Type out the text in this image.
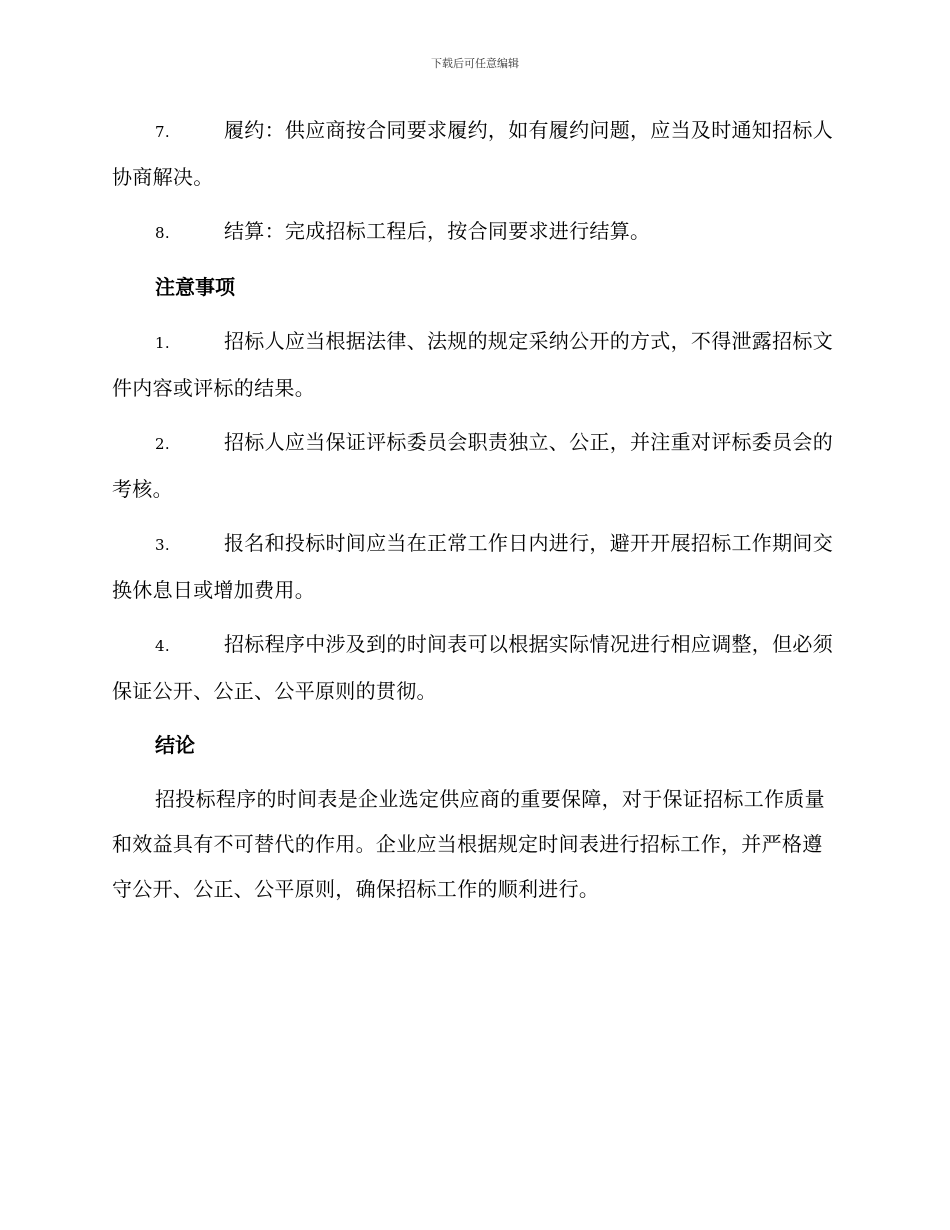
下载后可任意编辑

7.	履约：供应商按合同要求履约，如有履约问题，应当及时通知招标人协商解决。

8.	结算：完成招标工程后，按合同要求进行结算。

注意事项

1.	招标人应当根据法律、法规的规定采纳公开的方式，不得泄露招标文件内容或评标的结果。

2.	招标人应当保证评标委员会职责独立、公正，并注重对评标委员会的考核。

3.	报名和投标时间应当在正常工作日内进行，避开开展招标工作期间交换休息日或增加费用。

4.	招标程序中涉及到的时间表可以根据实际情况进行相应调整，但必须保证公开、公正、公平原则的贯彻。

结论

招投标程序的时间表是企业选定供应商的重要保障，对于保证招标工作质量和效益具有不可替代的作用。企业应当根据规定时间表进行招标工作，并严格遵守公开、公正、公平原则，确保招标工作的顺利进行。
